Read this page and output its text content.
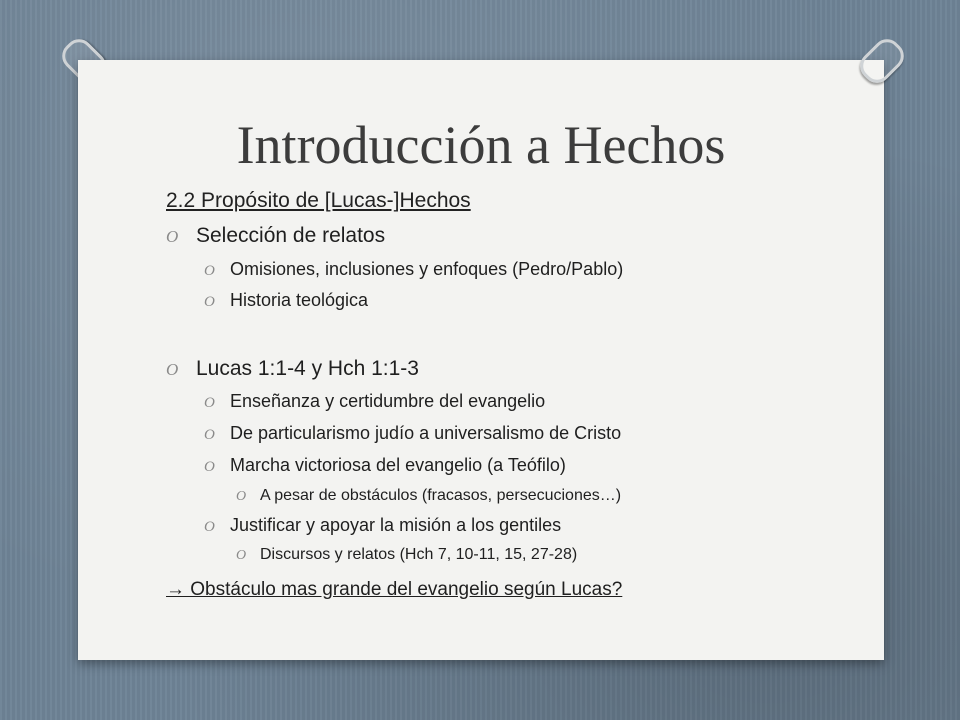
Introducción a Hechos
2.2 Propósito de [Lucas-]Hechos
O Selección de relatos
O Omisiones, inclusiones y enfoques (Pedro/Pablo)
O Historia teológica
O Lucas 1:1-4 y Hch 1:1-3
O Enseñanza y certidumbre del evangelio
O De particularismo judío a universalismo de Cristo
O Marcha victoriosa del evangelio (a Teófilo)
O A pesar de obstáculos (fracasos, persecuciones…)
O Justificar y apoyar la misión a los gentiles
O Discursos y relatos (Hch 7, 10-11, 15, 27-28)
→ Obstáculo mas grande del evangelio según Lucas?
